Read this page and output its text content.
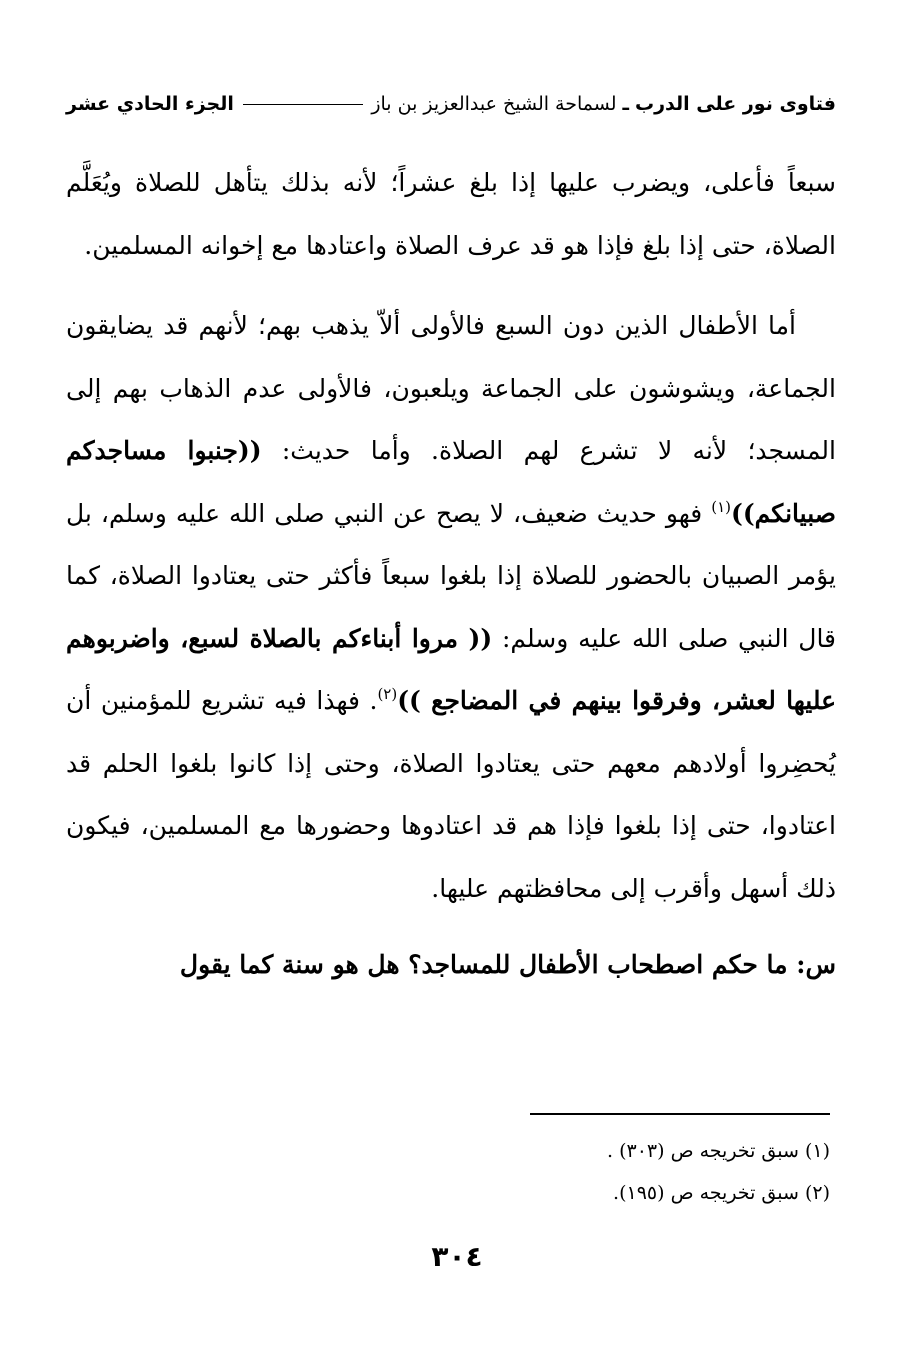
فتاوى نور على الدرب
ـ
لسماحة الشيخ عبدالعزيز بن باز
الجزء الحادي عشر

سبعاً فأعلى، ويضرب عليها إذا بلغ عشراً؛ لأنه بذلك يتأهل للصلاة ويُعَلَّم الصلاة، حتى إذا بلغ فإذا هو قد عرف الصلاة واعتادها مع إخوانه المسلمين.

أما الأطفال الذين دون السبع فالأولى ألاّ يذهب بهم؛ لأنهم قد يضايقون الجماعة، ويشوشون على الجماعة ويلعبون، فالأولى عدم الذهاب بهم إلى المسجد؛ لأنه لا تشرع لهم الصلاة. وأما حديث: ((جنبوا مساجدكم صبيانكم))$^{(١)}$ فهو حديث ضعيف، لا يصح عن النبي صلى الله عليه وسلم، بل يؤمر الصبيان بالحضور للصلاة إذا بلغوا سبعاً فأكثر حتى يعتادوا الصلاة، كما قال النبي صلى الله عليه وسلم: (( مروا أبناءكم بالصلاة لسبع، واضربوهم عليها لعشر، وفرقوا بينهم في المضاجع ))$^{(٢)}$. فهذا فيه تشريع للمؤمنين أن يُحضِروا أولادهم معهم حتى يعتادوا الصلاة، وحتى إذا كانوا بلغوا الحلم قد اعتادوا، حتى إذا بلغوا فإذا هم قد اعتادوها وحضورها مع المسلمين، فيكون ذلك أسهل وأقرب إلى محافظتهم عليها.

س: ما حكم اصطحاب الأطفال للمساجد؟ هل هو سنة كما يقول

(١) سبق تخريجه ص (٣٠٣) .
(٢) سبق تخريجه ص (١٩٥).
٣٠٤
